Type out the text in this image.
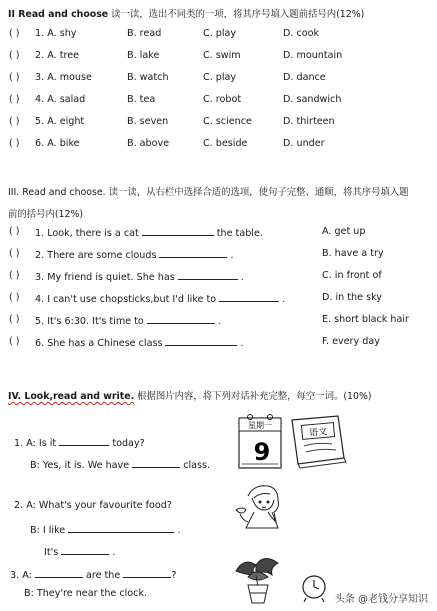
II Read and choose 读一读，选出不同类的一项，将其序号填入题前括号内(12%)
( ) 1. A. shy	B. read	C. play	D. cook
( ) 2. A. tree	B. lake	C. swim	D. mountain
( ) 3. A. mouse	B. watch	C. play	D. dance
( ) 4. A. salad	B. tea	C. robot	D. sandwich
( ) 5. A. eight	B. seven	C. science	D. thirteen
( ) 6. A. bike	B. above	C. beside	D. under
III. Read and choose. 读一读，从右栏中选择合适的选项，使句子完整、通顺，将其序号填入题
前的括号内(12%)
( ) 1. Look, there is a cat	the table.	A. get up
( ) 2. There are some clouds	.	B. have a try
( ) 3. My friend is quiet. She has	.	C. in front of
( ) 4. I can't use chopsticks,but I'd like to	.	D. in the sky
( ) 5. It's 6:30. It's time to	.	E. short black hair
( ) 6. She has a Chinese class	.	F. every day
IV. Look,read and write. 根据图片内容，将下列对话补充完整，每空一词。(10%)
1. A: Is it	today?
B: Yes, it is. We have	class.
2. A: What's your favourite food?
B: I like	.
It's	.
3. A:	are the	?
B: They're near the clock.
星期一
9
语文
头条 @老钱分享知识
